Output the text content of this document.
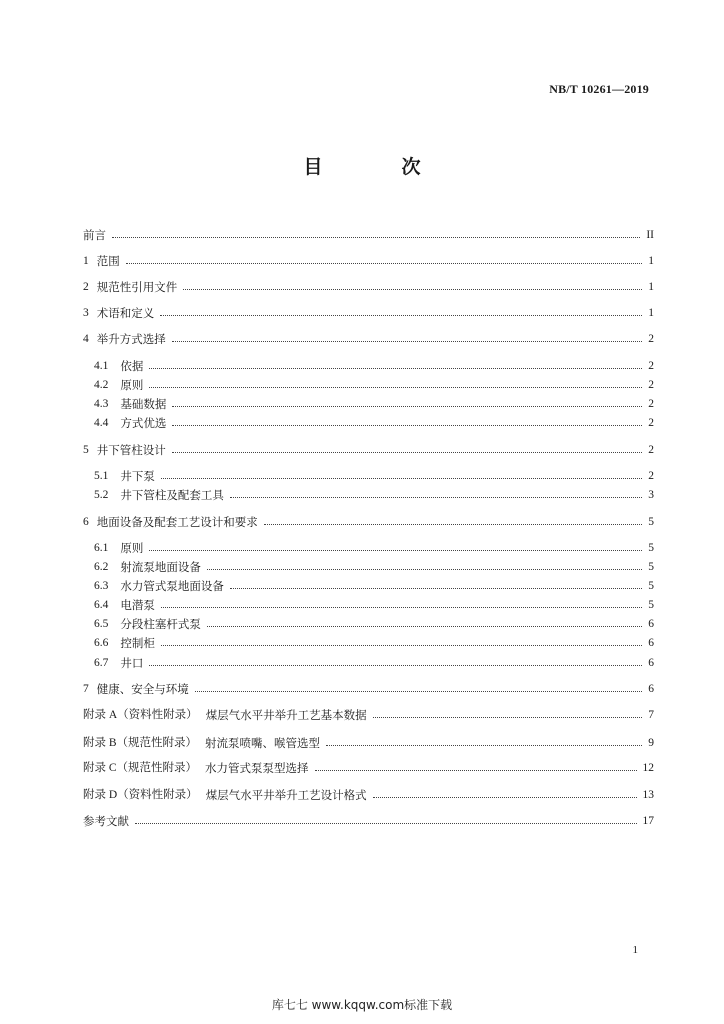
NB/T 10261—2019
目　次
前言	II
1 范围	1
2 规范性引用文件	1
3 术语和定义	1
4 举升方式选择	2
4.1	依据	2
4.2	原则	2
4.3	基础数据	2
4.4	方式优选	2
5 井下管柱设计	2
5.1	井下泵	2
5.2	井下管柱及配套工具	3
6 地面设备及配套工艺设计和要求	5
6.1	原则	5
6.2	射流泵地面设备	5
6.3	水力管式泵地面设备	5
6.4	电潜泵	5
6.5	分段柱塞杆式泵	6
6.6	控制柜	6
6.7	井口	6
7 健康、安全与环境	6
附录 A（资料性附录） 煤层气水平井举升工艺基本数据	7
附录 B（规范性附录） 射流泵喷嘴、喉管选型	9
附录 C（规范性附录） 水力管式泵泵型选择	12
附录 D（资料性附录） 煤层气水平井举升工艺设计格式	13
参考文献	17
1
库七七 www.kqqw.com标准下载
